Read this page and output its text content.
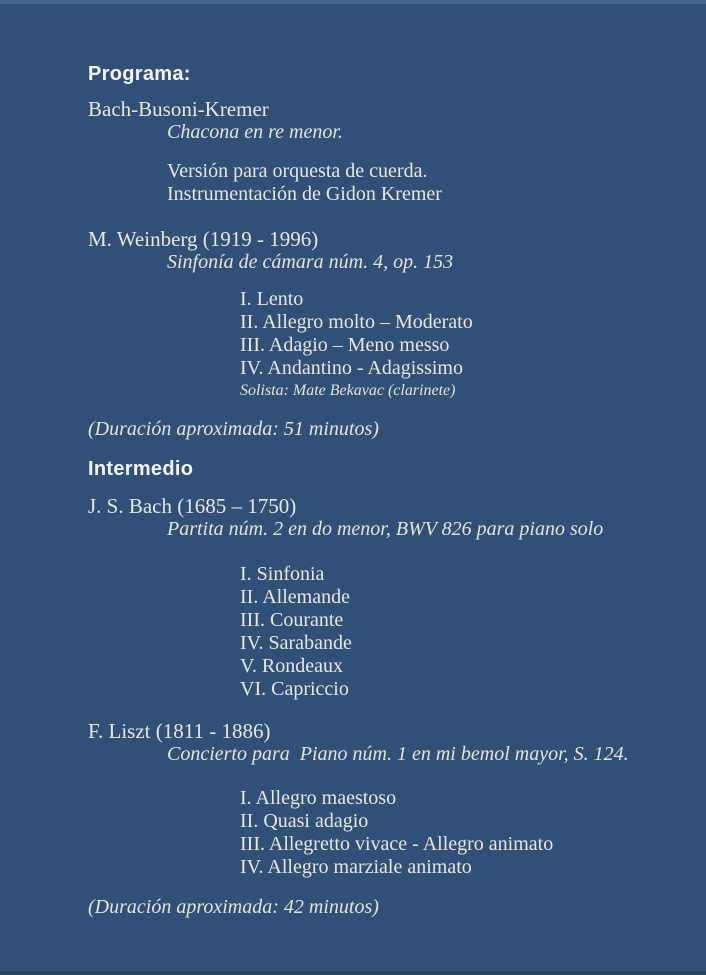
Programa:
Bach-Busoni-Kremer
Chacona en re menor.
Versión para orquesta de cuerda.
Instrumentación de Gidon Kremer
M. Weinberg (1919 - 1996)
Sinfonía de cámara núm. 4, op. 153
I. Lento
II. Allegro molto – Moderato
III. Adagio – Meno messo
IV. Andantino - Adagissimo
Solista: Mate Bekavac (clarinete)
(Duración aproximada: 51 minutos)
Intermedio
J. S. Bach (1685 – 1750)
Partita núm. 2 en do menor, BWV 826 para piano solo
I. Sinfonia
II. Allemande
III. Courante
IV. Sarabande
V. Rondeaux
VI. Capriccio
F. Liszt (1811 - 1886)
Concierto para  Piano núm. 1 en mi bemol mayor, S. 124.
I. Allegro maestoso
II. Quasi adagio
III. Allegretto vivace - Allegro animato
IV. Allegro marziale animato
(Duración aproximada: 42 minutos)
